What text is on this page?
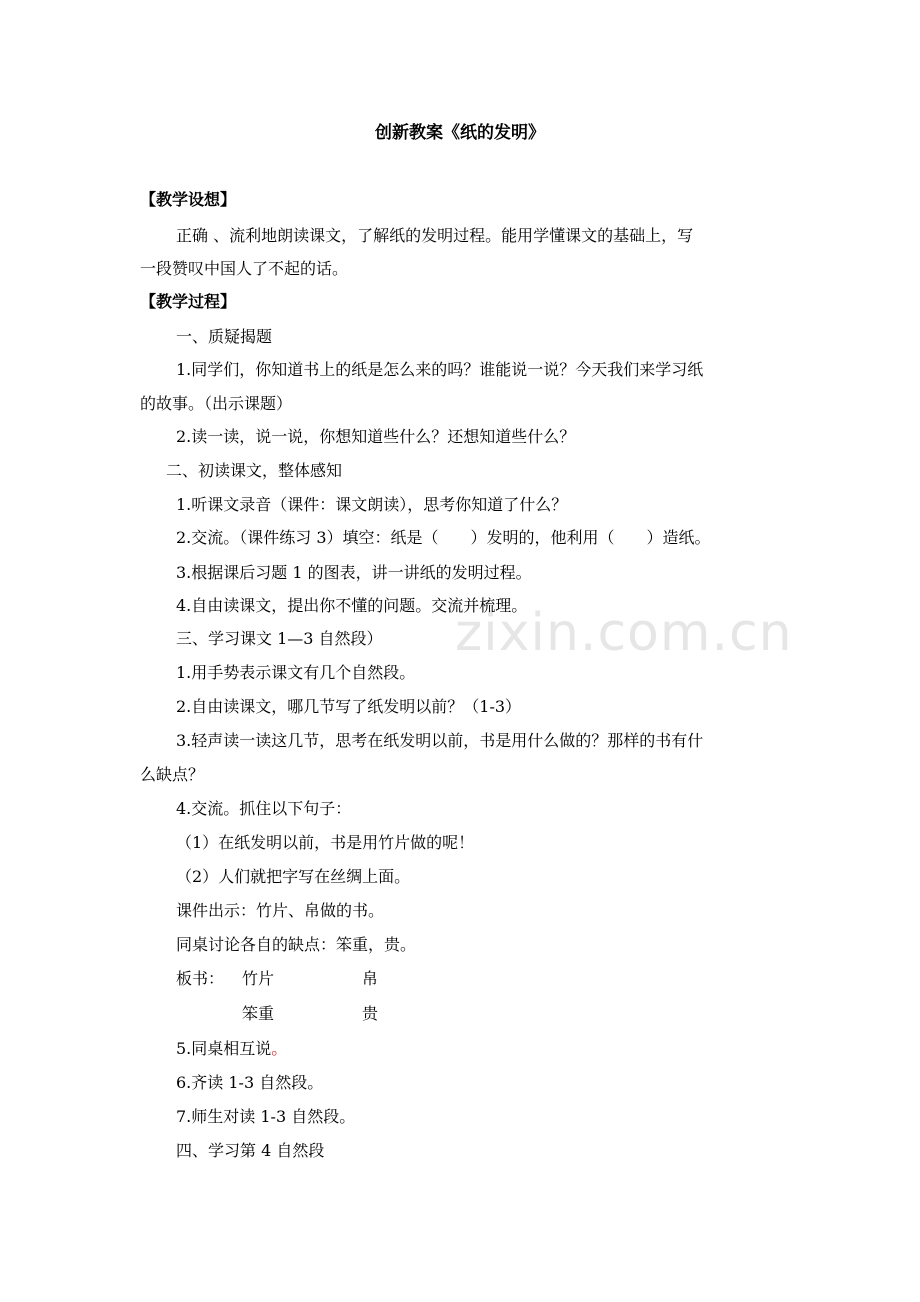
zixin.com.cn
创新教案《纸的发明》
【教学设想】
正确 、流利地朗读课文，了解纸的发明过程。能用学懂课文的基础上，写
一段赞叹中国人了不起的话。
【教学过程】
一、质疑揭题
1.同学们，你知道书上的纸是怎么来的吗？谁能说一说？今天我们来学习纸
的故事。（出示课题）
2.读一读，说一说，你想知道些什么？还想知道些什么？
二、初读课文，整体感知
1.听课文录音（课件：课文朗读），思考你知道了什么？
2.交流。（课件练习 3）填空：纸是（　　）发明的，他利用（　　）造纸。
3.根据课后习题 1 的图表，讲一讲纸的发明过程。
4.自由读课文，提出你不懂的问题。交流并梳理。
三、学习课文 1—3 自然段）
1.用手势表示课文有几个自然段。
2.自由读课文，哪几节写了纸发明以前？（1-3）
3.轻声读一读这几节，思考在纸发明以前，书是用什么做的？那样的书有什
么缺点？
4.交流。抓住以下句子：
（1）在纸发明以前，书是用竹片做的呢！
（2）人们就把字写在丝绸上面。
课件出示：竹片、帛做的书。
同桌讨论各自的缺点：笨重，贵。
板书： 竹片	帛
笨重	贵
5.同桌相互说。
6.齐读 1-3 自然段。
7.师生对读 1-3 自然段。
四、学习第 4 自然段
